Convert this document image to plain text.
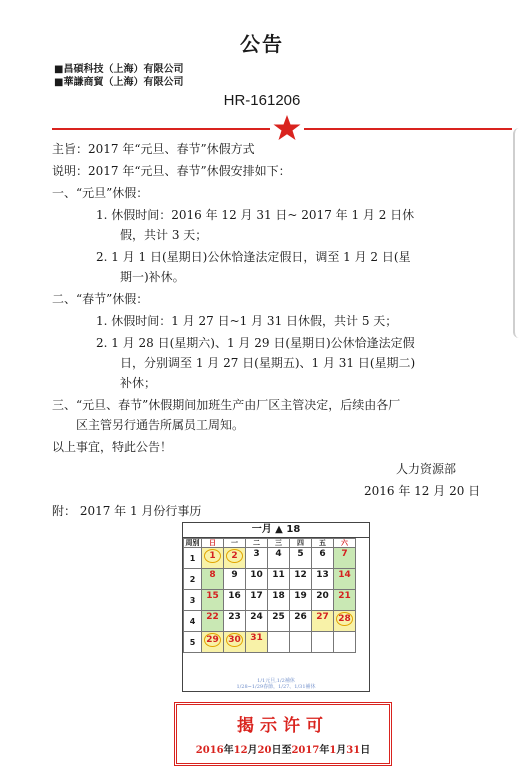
公告
■昌碩科技（上海）有限公司
■華謙商貿（上海）有限公司
HR-161206
主旨：2017 年“元旦、春节”休假方式
说明：2017 年“元旦、春节”休假安排如下：
一、“元旦”休假：
1. 休假时间：2016 年 12 月 31 日~ 2017 年 1 月 2 日休
假，共计 3 天；
2. 1 月 1 日(星期日)公休恰逢法定假日，调至 1 月 2 日(星
期一)补休。
二、“春节”休假：
1. 休假时间：1 月 27 日~1 月 31 日休假，共计 5 天；
2. 1 月 28 日(星期六)、1 月 29 日(星期日)公休恰逢法定假
日，分别调至 1 月 27 日(星期五)、1 月 31 日(星期二)
补休；
三、“元旦、春节”休假期间加班生产由厂区主管决定，后续由各厂
区主管另行通告所属员工周知。
以上事宜，特此公告！
人力资源部
2016 年 12 月 20 日
附： 2017 年 1 月份行事历
一月 ▲ 18
周别	日	一	二	三	四	五	六
1	1	2	3	4	5	6	7
2	8	9	10	11	12	13	14
3	15	16	17	18	19	20	21
4	22	23	24	25	26	27	28
5	29	30	31				
1/1元旦,1/2補休
1/28~1/29春節，1/27、1/31補休
揭示许可
2016年12月20日至2017年1月31日
